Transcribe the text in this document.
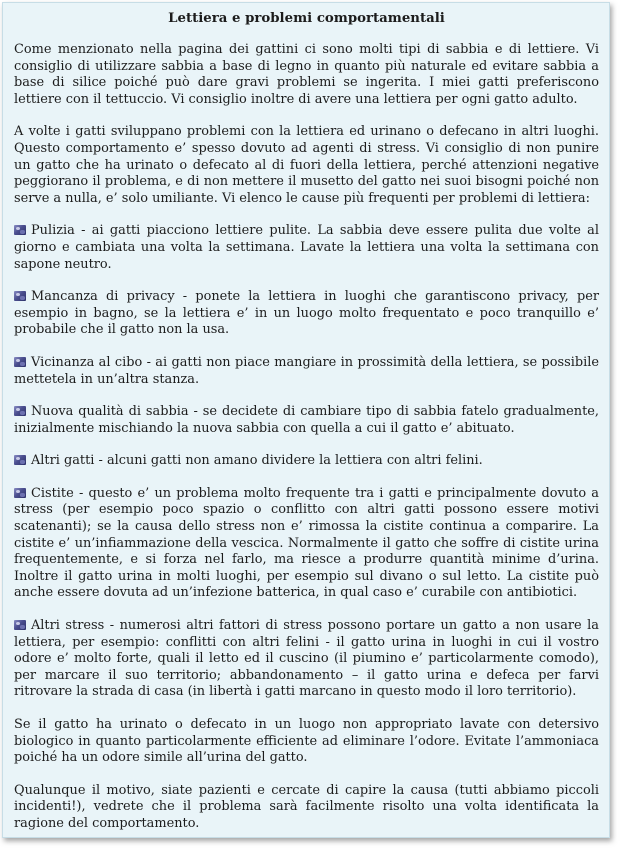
Lettiera e problemi comportamentali

Come menzionato nella pagina dei gattini ci sono molti tipi di sabbia e di lettiere. Vi consiglio di utilizzare sabbia a base di legno in quanto più naturale ed evitare sabbia a base di silice poiché può dare gravi problemi se ingerita. I miei gatti preferiscono lettiere con il tettuccio. Vi consiglio inoltre di avere una lettiera per ogni gatto adulto.

A volte i gatti sviluppano problemi con la lettiera ed urinano o defecano in altri luoghi. Questo comportamento e’ spesso dovuto ad agenti di stress. Vi consiglio di non punire un gatto che ha urinato o defecato al di fuori della lettiera, perché attenzioni negative peggiorano il problema, e di non mettere il musetto del gatto nei suoi bisogni poiché non serve a nulla, e’ solo umiliante. Vi elenco le cause più frequenti per problemi di lettiera:

Pulizia - ai gatti piacciono lettiere pulite. La sabbia deve essere pulita due volte al giorno e cambiata una volta la settimana. Lavate la lettiera una volta la settimana con sapone neutro.

Mancanza di privacy - ponete la lettiera in luoghi che garantiscono privacy, per esempio in bagno, se la lettiera e’ in un luogo molto frequentato e poco tranquillo e’ probabile che il gatto non la usa.

Vicinanza al cibo - ai gatti non piace mangiare in prossimità della lettiera, se possibile mettetela in un’altra stanza.

Nuova qualità di sabbia - se decidete di cambiare tipo di sabbia fatelo gradualmente, inizialmente mischiando la nuova sabbia con quella a cui il gatto e’ abituato.

Altri gatti - alcuni gatti non amano dividere la lettiera con altri felini.

Cistite - questo e’ un problema molto frequente tra i gatti e principalmente dovuto a stress (per esempio poco spazio o conflitto con altri gatti possono essere motivi scatenanti); se la causa dello stress non e’ rimossa la cistite continua a comparire. La cistite e’ un’infiammazione della vescica. Normalmente il gatto che soffre di cistite urina frequentemente, e si forza nel farlo, ma riesce a produrre quantità minime d’urina. Inoltre il gatto urina in molti luoghi, per esempio sul divano o sul letto. La cistite può anche essere dovuta ad un’infezione batterica, in qual caso e’ curabile con antibiotici.

Altri stress - numerosi altri fattori di stress possono portare un gatto a non usare la lettiera, per esempio: conflitti con altri felini - il gatto urina in luoghi in cui il vostro odore e’ molto forte, quali il letto ed il cuscino (il piumino e’ particolarmente comodo), per marcare il suo territorio; abbandonamento – il gatto urina e defeca per farvi ritrovare la strada di casa (in libertà i gatti marcano in questo modo il loro territorio).

Se il gatto ha urinato o defecato in un luogo non appropriato lavate con detersivo biologico in quanto particolarmente efficiente ad eliminare l’odore. Evitate l’ammoniaca poiché ha un odore simile all’urina del gatto.

Qualunque il motivo, siate pazienti e cercate di capire la causa (tutti abbiamo piccoli incidenti!), vedrete che il problema sarà facilmente risolto una volta identificata la ragione del comportamento.
